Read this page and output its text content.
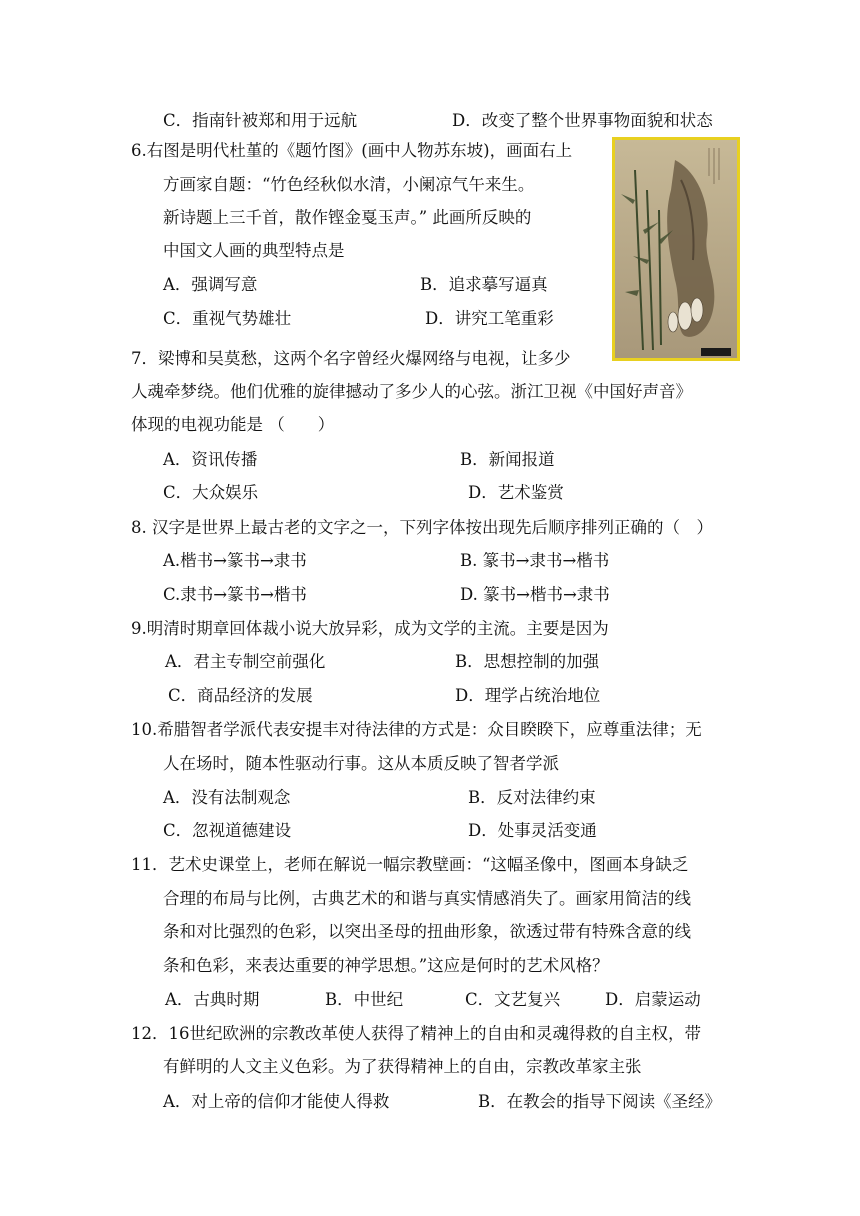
C．指南针被郑和用于远航	D．改变了整个世界事物面貌和状态
6.右图是明代杜堇的《题竹图》(画中人物苏东坡)，画面右上
方画家自题：“竹色经秋似水清，小阑凉气午来生。
新诗题上三千首，散作铿金戛玉声。” 此画所反映的
中国文人画的典型特点是
A．强调写意	B．追求摹写逼真
C．重视气势雄壮	D．讲究工笔重彩
7．梁博和吴莫愁，这两个名字曾经火爆网络与电视，让多少
人魂牵梦绕。他们优雅的旋律撼动了多少人的心弦。浙江卫视《中国好声音》
体现的电视功能是 （　　）
A．资讯传播	B．新闻报道
C．大众娱乐	D．艺术鉴赏
8. 汉字是世界上最古老的文字之一，下列字体按出现先后顺序排列正确的（　）
A.楷书→篆书→隶书	B. 篆书→隶书→楷书
C.隶书→篆书→楷书	D. 篆书→楷书→隶书
9.明清时期章回体裁小说大放异彩，成为文学的主流。主要是因为
A．君主专制空前强化	B．思想控制的加强
C．商品经济的发展	D．理学占统治地位
10.希腊智者学派代表安提丰对待法律的方式是：众目睽睽下，应尊重法律；无
人在场时，随本性驱动行事。这从本质反映了智者学派
A．没有法制观念	B．反对法律约束
C．忽视道德建设	D．处事灵活变通
11．艺术史课堂上，老师在解说一幅宗教壁画：“这幅圣像中，图画本身缺乏
合理的布局与比例，古典艺术的和谐与真实情感消失了。画家用简洁的线
条和对比强烈的色彩，以突出圣母的扭曲形象，欲透过带有特殊含意的线
条和色彩，来表达重要的神学思想。”这应是何时的艺术风格？
A．古典时期	B．中世纪	C．文艺复兴	D．启蒙运动
12．16世纪欧洲的宗教改革使人获得了精神上的自由和灵魂得救的自主权，带
有鲜明的人文主义色彩。为了获得精神上的自由，宗教改革家主张
A．对上帝的信仰才能使人得救	B．在教会的指导下阅读《圣经》
